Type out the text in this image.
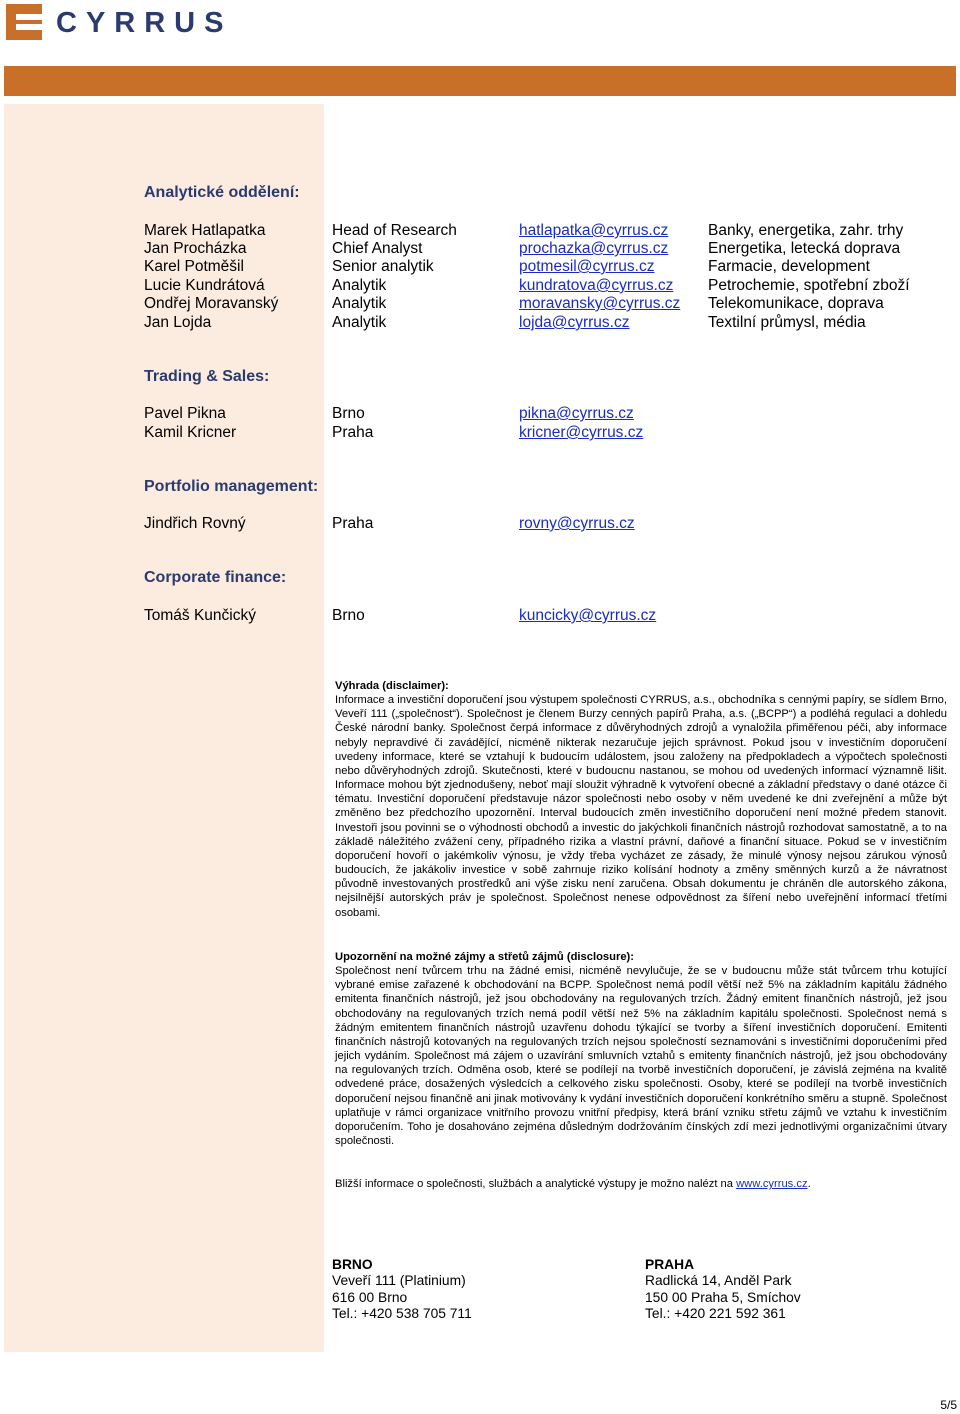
CYRRUS
Analytické oddělení:
Marek Hatlapatka	Head of Research	hatlapatka@cyrrus.cz	Banky, energetika, zahr. trhy
Jan Procházka	Chief Analyst	prochazka@cyrrus.cz	Energetika, letecká doprava
Karel Potměšil	Senior analytik	potmesil@cyrrus.cz	Farmacie, development
Lucie Kundrátová	Analytik	kundratova@cyrrus.cz Petrochemie, spotřební zboží
Ondřej Moravanský	Analytik	moravansky@cyrrus.cz Telekomunikace, doprava
Jan Lojda	Analytik	lojda@cyrrus.cz	Textilní průmysl, média
Trading & Sales:
Pavel Pikna	Brno	pikna@cyrrus.cz
Kamil Kricner	Praha	kricner@cyrrus.cz
Portfolio management:
Jindřich Rovný	Praha	rovny@cyrrus.cz
Corporate finance:
Tomáš Kunčický	Brno	kuncicky@cyrrus.cz
Výhrada (disclaimer):

Informace a investiční doporučení jsou výstupem společnosti CYRRUS, a.s., obchodníka s cennými papíry, se sídlem Brno, Veveří 111 („společnost“). Společnost je členem Burzy cenných papírů Praha, a.s. („BCPP“) a podléhá regulaci a dohledu České národní banky. Společnost čerpá informace z důvěryhodných zdrojů a vynaložila přiměřenou péči, aby informace nebyly nepravdivé či zavádějící, nicméně nikterak nezaručuje jejich správnost. Pokud jsou v investičním doporučení uvedeny informace, které se vztahují k budoucím událostem, jsou založeny na předpokladech a výpočtech společnosti nebo důvěryhodných zdrojů. Skutečnosti, které v budoucnu nastanou, se mohou od uvedených informací významně lišit. Informace mohou být zjednodušeny, neboť mají sloužit výhradně k vytvoření obecné a základní představy o dané otázce či tématu. Investiční doporučení představuje názor společnosti nebo osoby v něm uvedené ke dni zveřejnění a může být změněno bez předchozího upozornění. Interval budoucích změn investičního doporučení není možné předem stanovit. Investoři jsou povinni se o výhodnosti obchodů a investic do jakýchkoli finančních nástrojů rozhodovat samostatně, a to na základě náležitého zvážení ceny, případného rizika a vlastní právní, daňové a finanční situace. Pokud se v investičním doporučení hovoří o jakémkoliv výnosu, je vždy třeba vycházet ze zásady, že minulé výnosy nejsou zárukou výnosů budoucích, že jakákoliv investice v sobě zahrnuje riziko kolísání hodnoty a změny směnných kurzů a že návratnost původně investovaných prostředků ani výše zisku není zaručena. Obsah dokumentu je chráněn dle autorského zákona, nejsilnější autorských práv je společnost. Společnost nenese odpovědnost za šíření nebo uveřejnění informací třetími osobami.

Upozornění na možné zájmy a střetů zájmů (disclosure):

Společnost není tvůrcem trhu na žádné emisi, nicméně nevylučuje, že se v budoucnu může stát tvůrcem trhu kotující vybrané emise zařazené k obchodování na BCPP. Společnost nemá podíl větší než 5% na základním kapitálu žádného emitenta finančních nástrojů, jež jsou obchodovány na regulovaných trzích. Žádný emitent finančních nástrojů, jež jsou obchodovány na regulovaných trzích nemá podíl větší než 5% na základním kapitálu společnosti. Společnost nemá s žádným emitentem finančních nástrojů uzavřenu dohodu týkající se tvorby a šíření investičních doporučení. Emitenti finančních nástrojů kotovaných na regulovaných trzích nejsou společností seznamováni s investičními doporučeními před jejich vydáním. Společnost má zájem o uzavírání smluvních vztahů s emitenty finančních nástrojů, jež jsou obchodovány na regulovaných trzích. Odměna osob, které se podílejí na tvorbě investičních doporučení, je závislá zejména na kvalitě odvedené práce, dosažených výsledcích a celkového zisku společnosti. Osoby, které se podílejí na tvorbě investičních doporučení nejsou finančně ani jinak motivovány k vydání investičních doporučení konkrétního směru a stupně. Společnost uplatňuje v rámci organizace vnitřního provozu vnitřní předpisy, která brání vzniku střetu zájmů ve vztahu k investičním doporučením. Toho je dosahováno zejména důsledným dodržováním čínských zdí mezi jednotlivými organizačními útvary společnosti.

Bližší informace o společnosti, službách a analytické výstupy je možno nalézt na www.cyrrus.cz.
BRNO
Veveří 111 (Platinium)
616 00 Brno
Tel.: +420 538 705 711
PRAHA
Radlická 14, Anděl Park
150 00 Praha 5, Smíchov
Tel.: +420 221 592 361
5/5
